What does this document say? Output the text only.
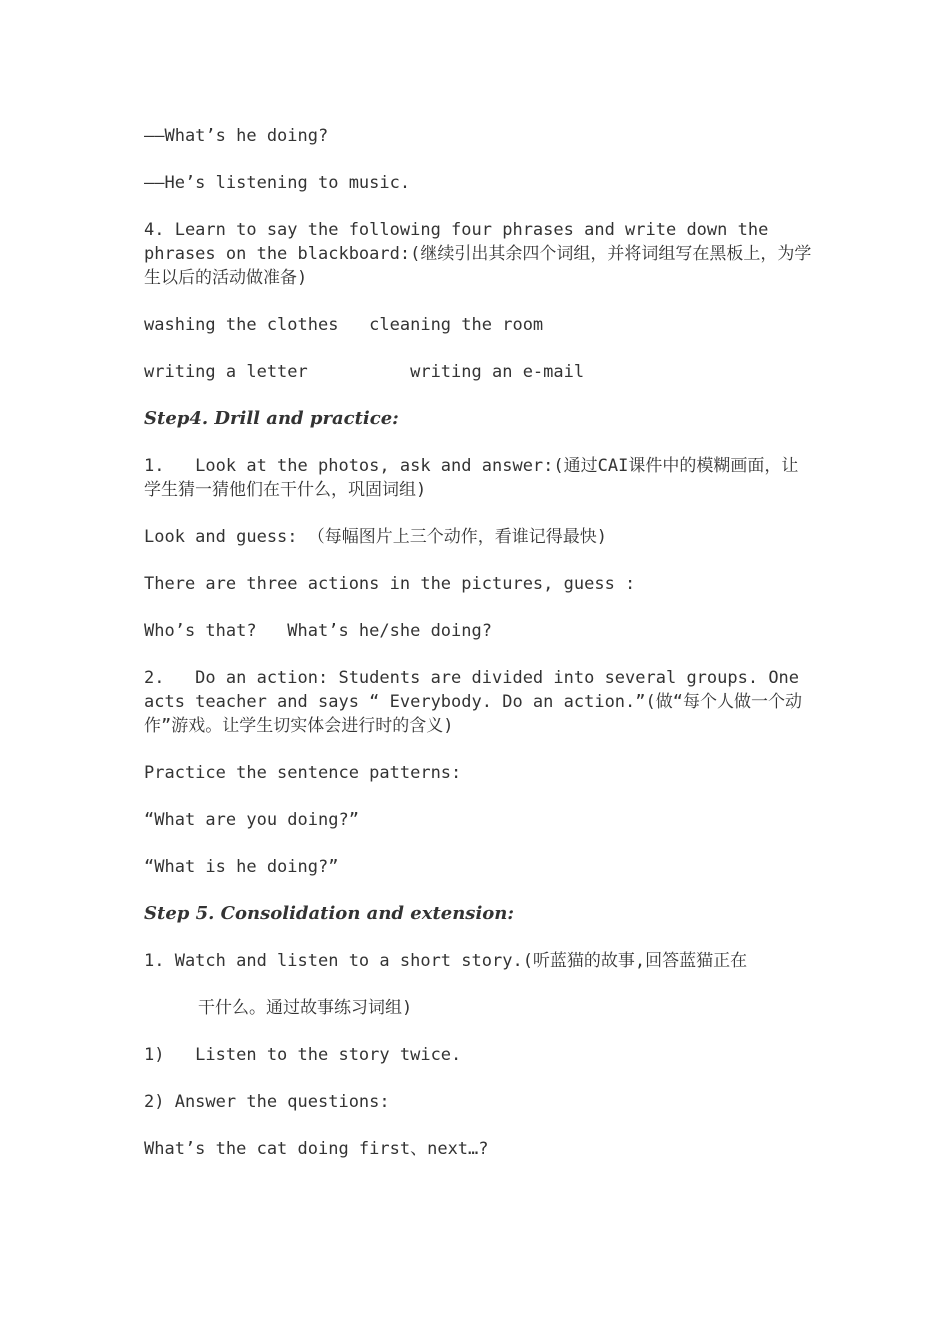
——What’s he doing?

——He’s listening to music.

4. Learn to say the following four phrases and write down the phrases on the blackboard:(继续引出其余四个词组，并将词组写在黑板上，为学生以后的活动做准备)

washing the clothes   cleaning the room

writing a letter          writing an e-mail

Step4. Drill and practice:

1.   Look at the photos, ask and answer:(通过CAI课件中的模糊画面，让学生猜一猜他们在干什么，巩固词组)

Look and guess: （每幅图片上三个动作，看谁记得最快)

There are three actions in the pictures, guess :

Who’s that?   What’s he/she doing?

2.   Do an action: Students are divided into several groups. One acts teacher and says “ Everybody. Do an action.”(做“每个人做一个动作”游戏。让学生切实体会进行时的含义)

Practice the sentence patterns:

“What are you doing?”

“What is he doing?”

Step 5. Consolidation and extension:

1. Watch and listen to a short story.(听蓝猫的故事,回答蓝猫正在

干什么。通过故事练习词组)

1)   Listen to the story twice.

2) Answer the questions:

What’s the cat doing first、next…?
